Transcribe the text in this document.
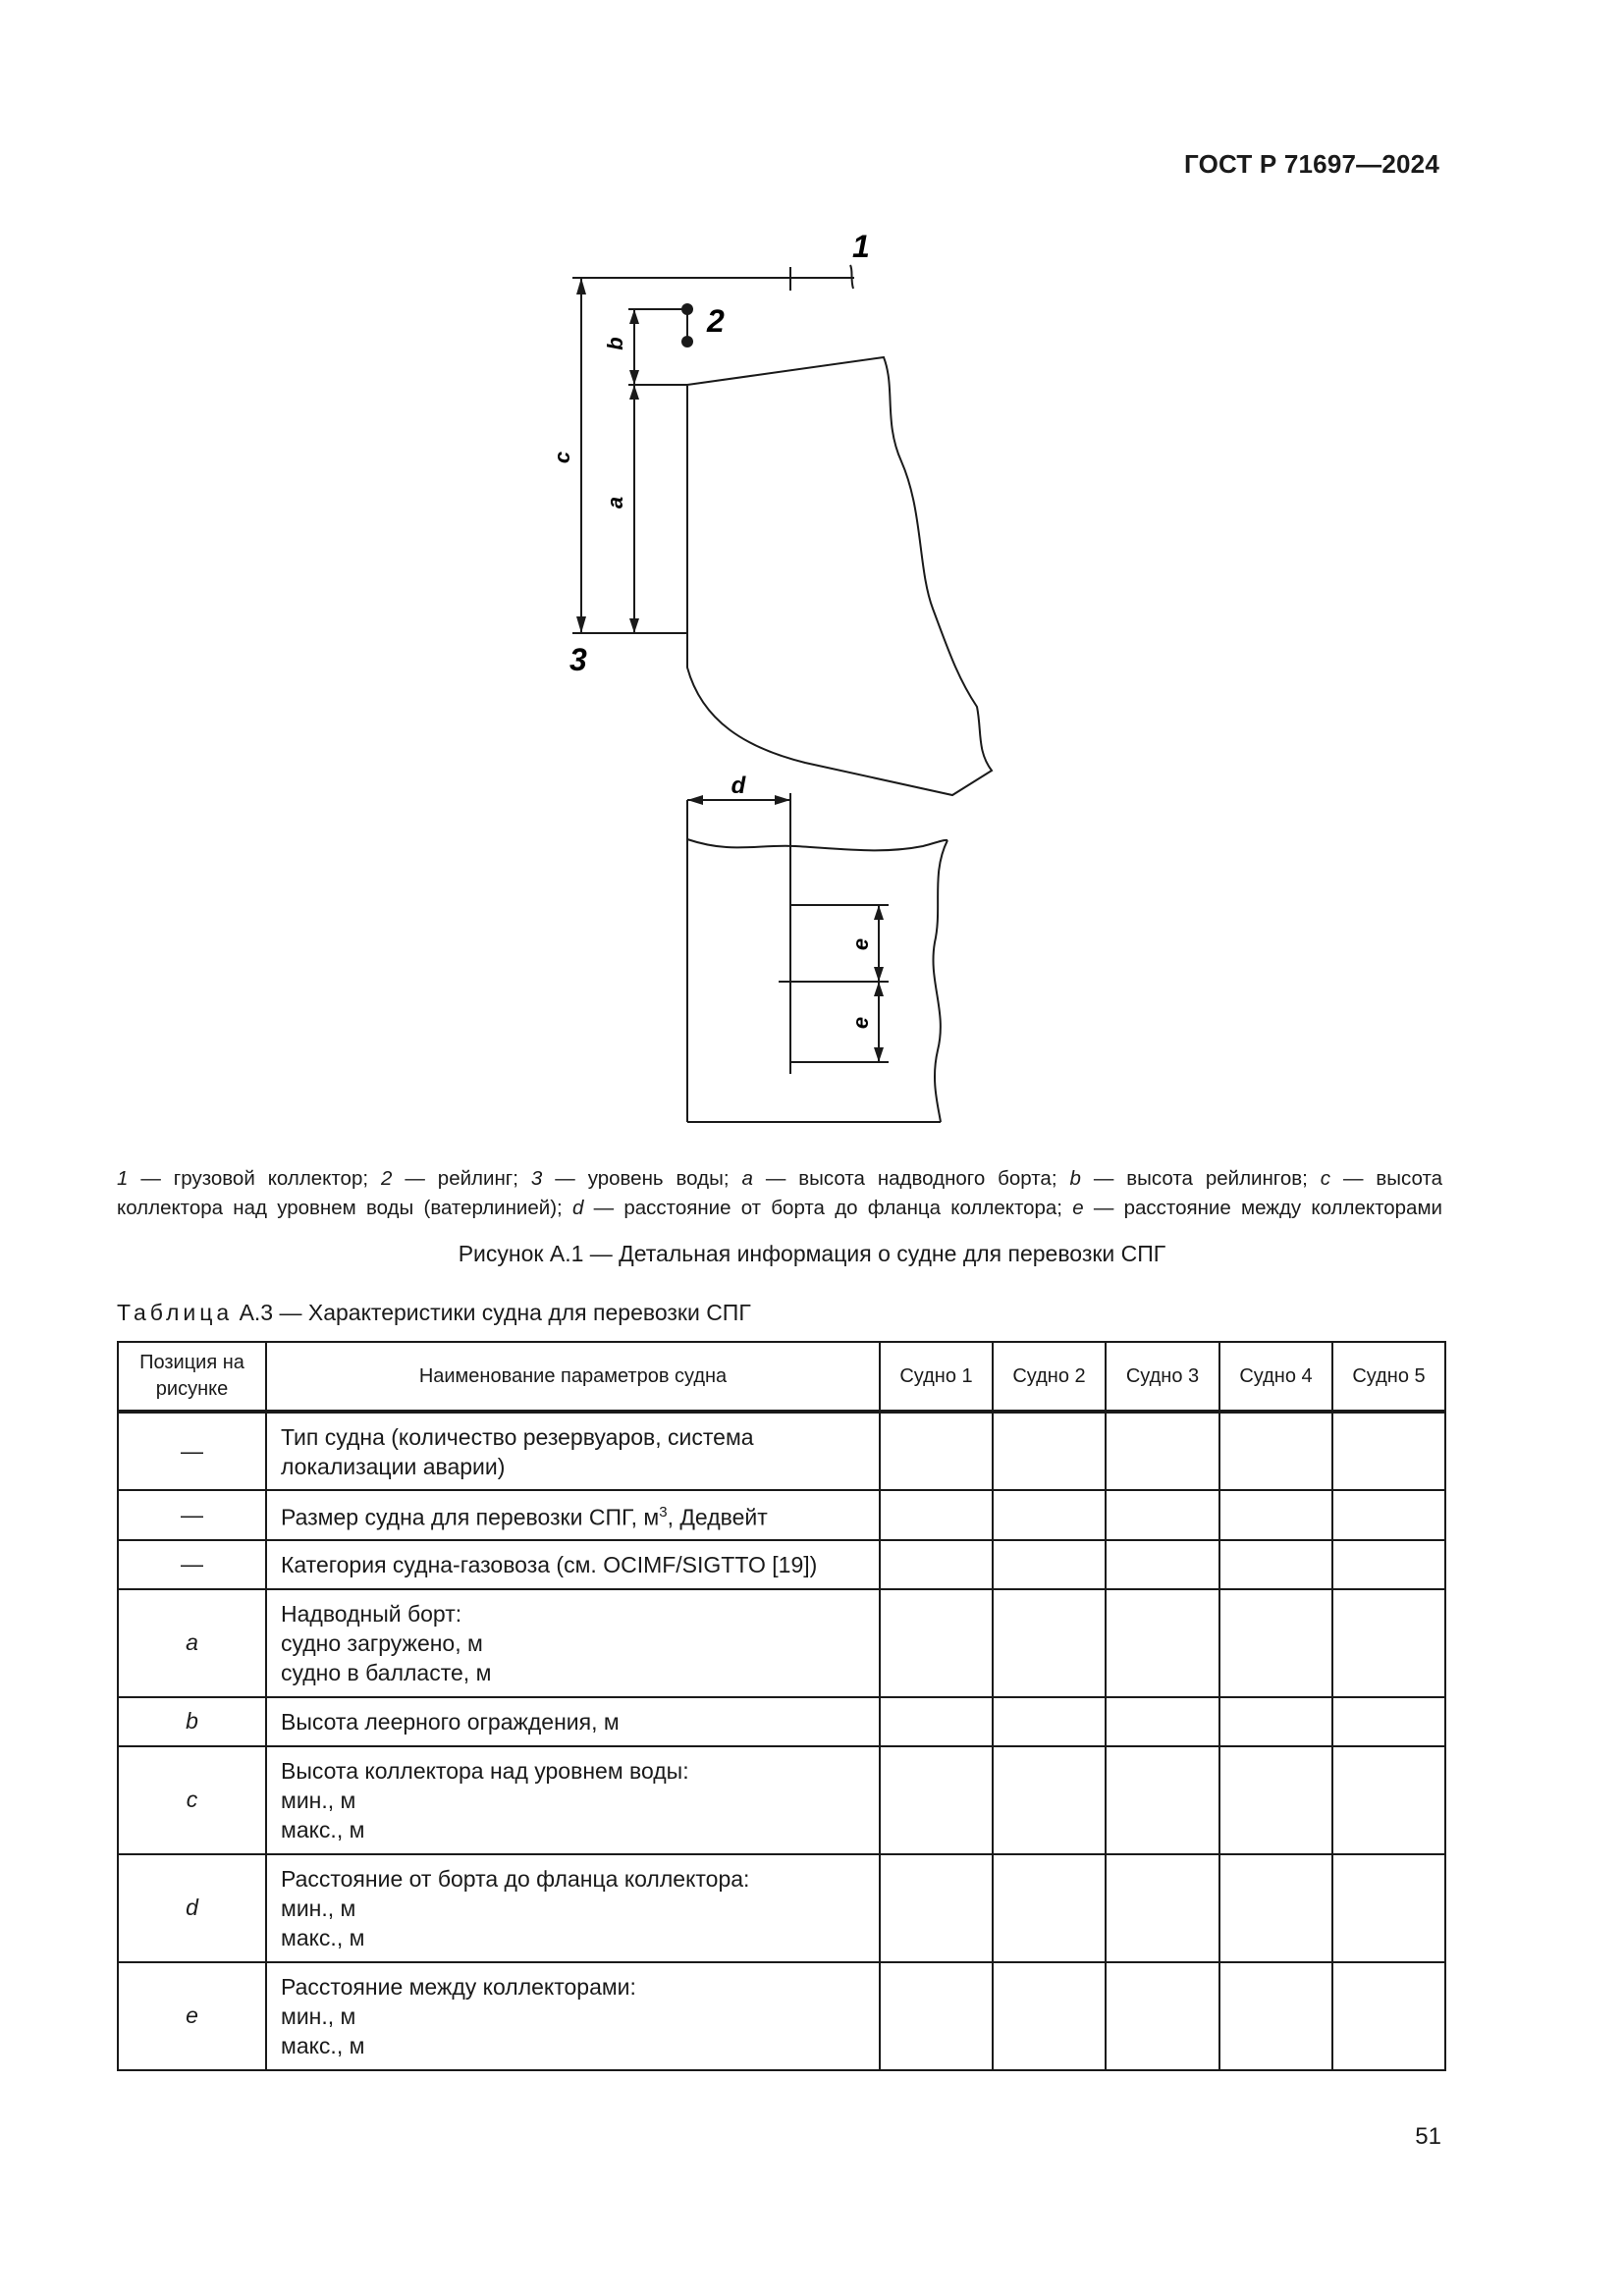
ГОСТ Р 71697—2024
1
2
3
c
b
a
d
e
e
1 — грузовой коллектор; 2 — рейлинг; 3 — уровень воды; a — высота надводного борта; b — высота рейлингов; c — высота
коллектора над уровнем воды (ватерлинией); d — расстояние от борта до фланца коллектора; e — расстояние между коллекторами
Рисунок А.1 — Детальная информация о судне для перевозки СПГ
Таблица А.3 — Характеристики судна для перевозки СПГ
Позиция на рисунке	Наименование параметров судна	Судно 1	Судно 2	Судно 3	Судно 4	Судно 5
—	Тип судна (количество резервуаров, система
локализации аварии)					
—	Размер судна для перевозки СПГ, $м^3$, Дедвейт					
—	Категория судна-газовоза (см. OCIMF/SIGTTO [19])					
a	Надводный борт:
судно загружено, м
судно в балласте, м					
b	Высота леерного ограждения, м					
c	Высота коллектора над уровнем воды:
мин., м
макс., м					
d	Расстояние от борта до фланца коллектора:
мин., м
макс., м					
e	Расстояние между коллекторами:
мин., м
макс., м					
51
